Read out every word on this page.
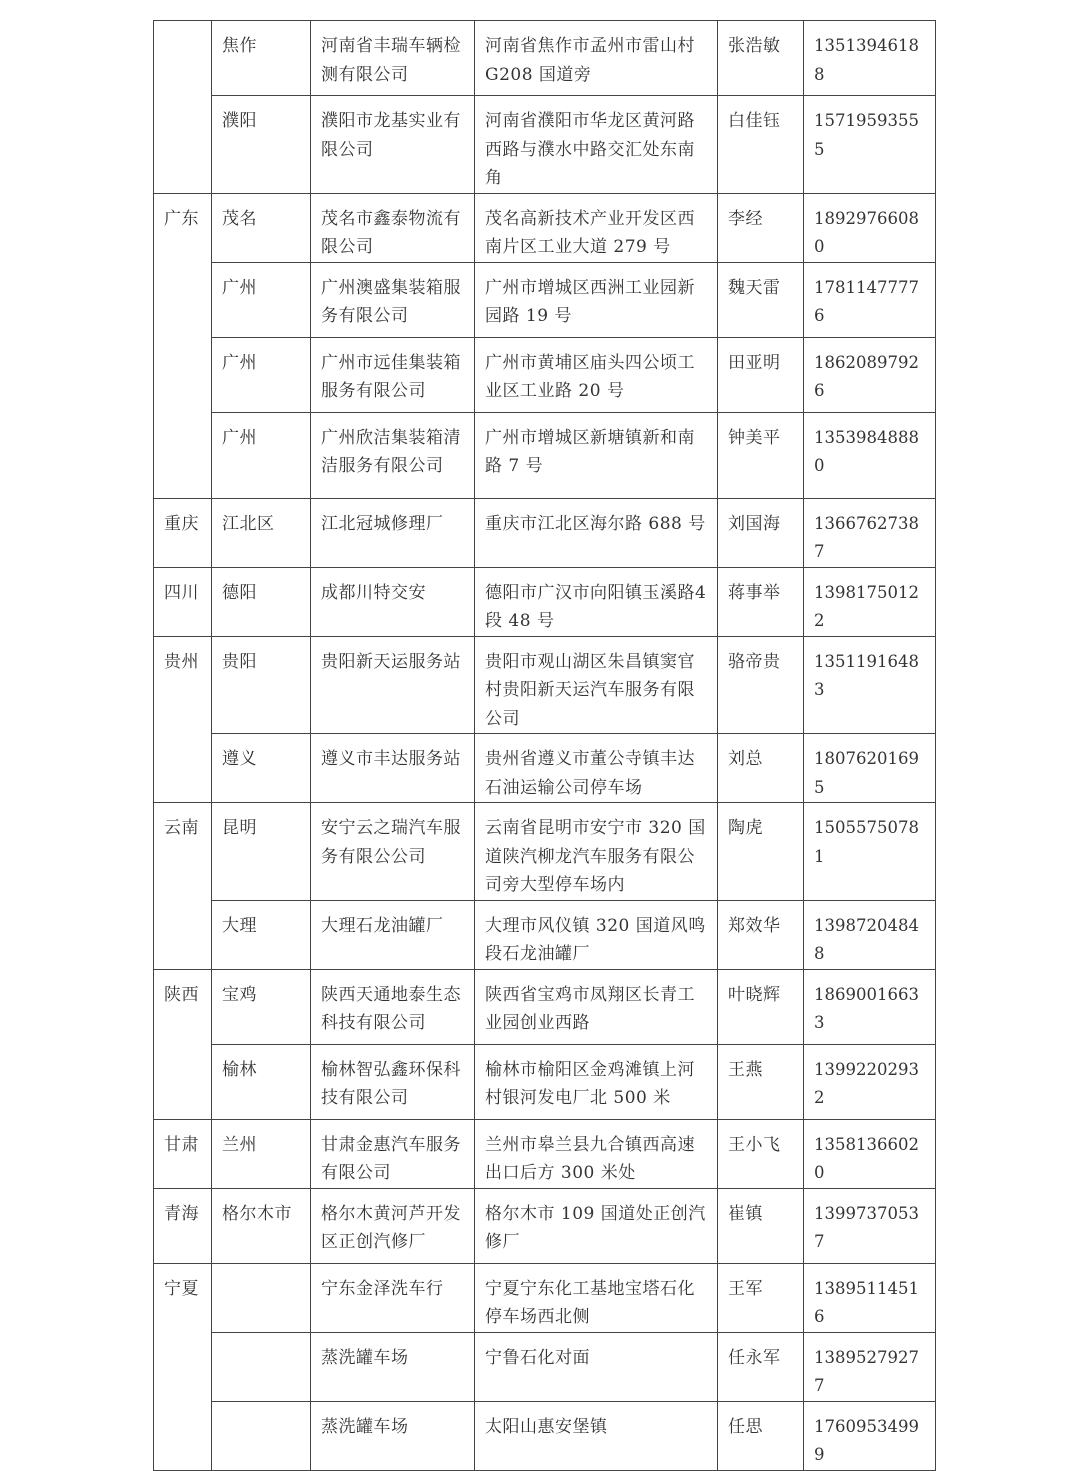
	焦作	河南省丰瑞车辆检测有限公司	河南省焦作市孟州市雷山村G208 国道旁	张浩敏	13513946188
	濮阳	濮阳市龙基实业有限公司	河南省濮阳市华龙区黄河路西路与濮水中路交汇处东南角	白佳钰	15719593555
广东	茂名	茂名市鑫泰物流有限公司	茂名高新技术产业开发区西南片区工业大道 279 号	李经	18929766080
	广州	广州澳盛集装箱服务有限公司	广州市增城区西洲工业园新园路 19 号	魏天雷	17811477776
	广州	广州市远佳集装箱服务有限公司	广州市黄埔区庙头四公顷工业区工业路 20 号	田亚明	18620897926
	广州	广州欣洁集装箱清洁服务有限公司	广州市增城区新塘镇新和南路 7 号	钟美平	13539848880
重庆	江北区	江北冠城修理厂	重庆市江北区海尔路 688 号	刘国海	13667627387
四川	德阳	成都川特交安	德阳市广汉市向阳镇玉溪路4 段 48 号	蒋事举	13981750122
贵州	贵阳	贵阳新天运服务站	贵阳市观山湖区朱昌镇窦官村贵阳新天运汽车服务有限公司	骆帝贵	13511916483
	遵义	遵义市丰达服务站	贵州省遵义市董公寺镇丰达石油运输公司停车场	刘总	18076201695
云南	昆明	安宁云之瑞汽车服务有限公公司	云南省昆明市安宁市 320 国道陕汽柳龙汽车服务有限公司旁大型停车场内	陶虎	15055750781
	大理	大理石龙油罐厂	大理市风仪镇 320 国道风鸣段石龙油罐厂	郑效华	13987204848
陕西	宝鸡	陕西天通地泰生态科技有限公司	陕西省宝鸡市凤翔区长青工业园创业西路	叶晓辉	18690016633
	榆林	榆林智弘鑫环保科技有限公司	榆林市榆阳区金鸡滩镇上河村银河发电厂北 500 米	王燕	13992202932
甘肃	兰州	甘肃金惠汽车服务有限公司	兰州市皋兰县九合镇西高速出口后方 300 米处	王小飞	13581366020
青海	格尔木市	格尔木黄河芦开发区正创汽修厂	格尔木市 109 国道处正创汽修厂	崔镇	13997370537
宁夏		宁东金泽洗车行	宁夏宁东化工基地宝塔石化停车场西北侧	王军	13895114516
		蒸洗罐车场	宁鲁石化对面	任永军	13895279277
		蒸洗罐车场	太阳山惠安堡镇	任思	17609534999
